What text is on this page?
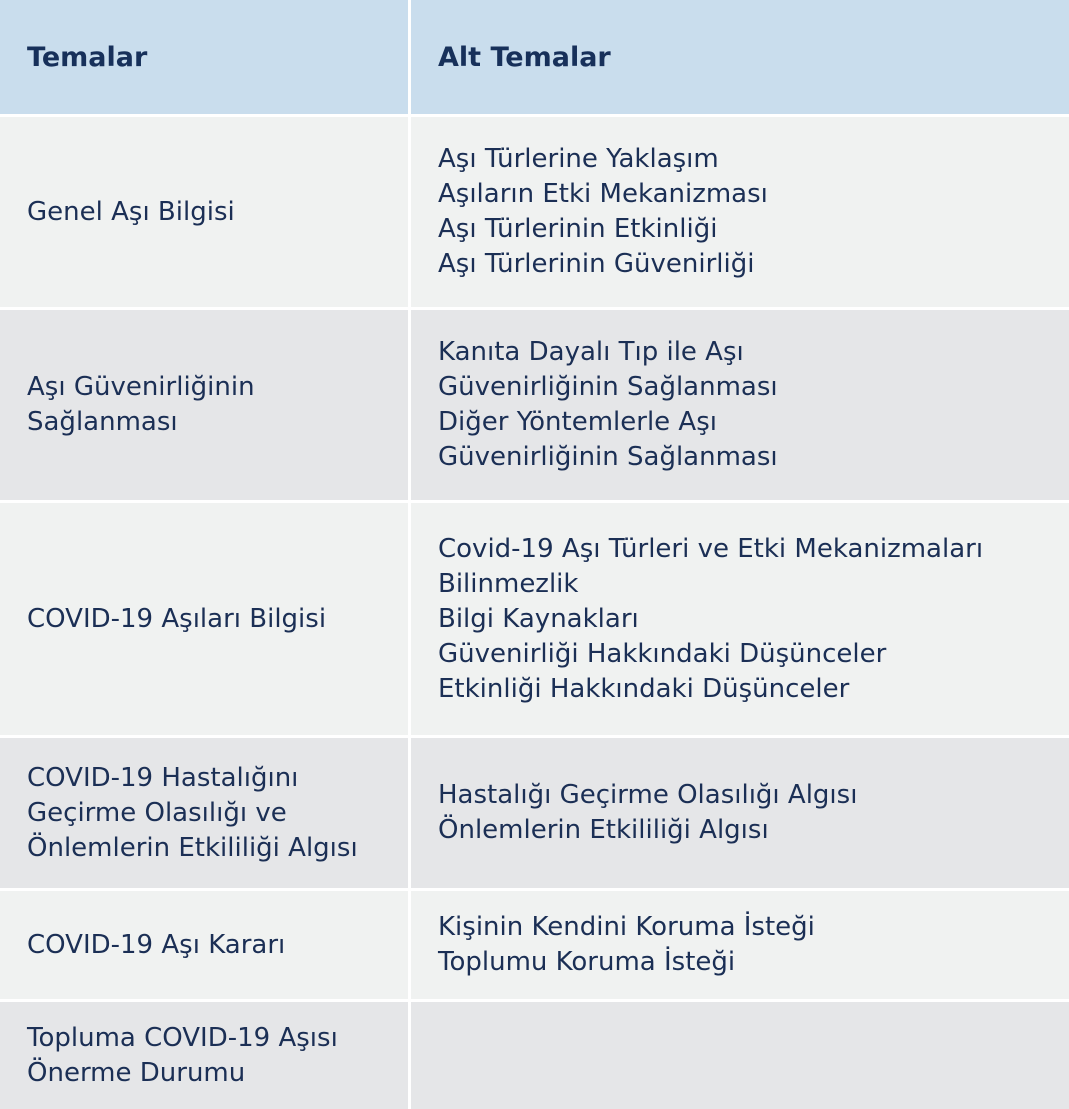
Temalar	Alt Temalar
Genel Aşı Bilgisi
Aşı Türlerine Yaklaşım
Aşıların Etki Mekanizması
Aşı Türlerinin Etkinliği
Aşı Türlerinin Güvenirliği
Aşı Güvenirliğinin
Sağlanması
Kanıta Dayalı Tıp ile Aşı
Güvenirliğinin Sağlanması
Diğer Yöntemlerle Aşı
Güvenirliğinin Sağlanması
COVID-19 Aşıları Bilgisi
Covid-19 Aşı Türleri ve Etki Mekanizmaları
Bilinmezlik
Bilgi Kaynakları
Güvenirliği Hakkındaki Düşünceler
Etkinliği Hakkındaki Düşünceler
COVID-19 Hastalığını
Geçirme Olasılığı ve
Önlemlerin Etkililiği Algısı
Hastalığı Geçirme Olasılığı Algısı
Önlemlerin Etkililiği Algısı
COVID-19 Aşı Kararı
Kişinin Kendini Koruma İsteği
Toplumu Koruma İsteği
Topluma COVID-19 Aşısı
Önerme Durumu
